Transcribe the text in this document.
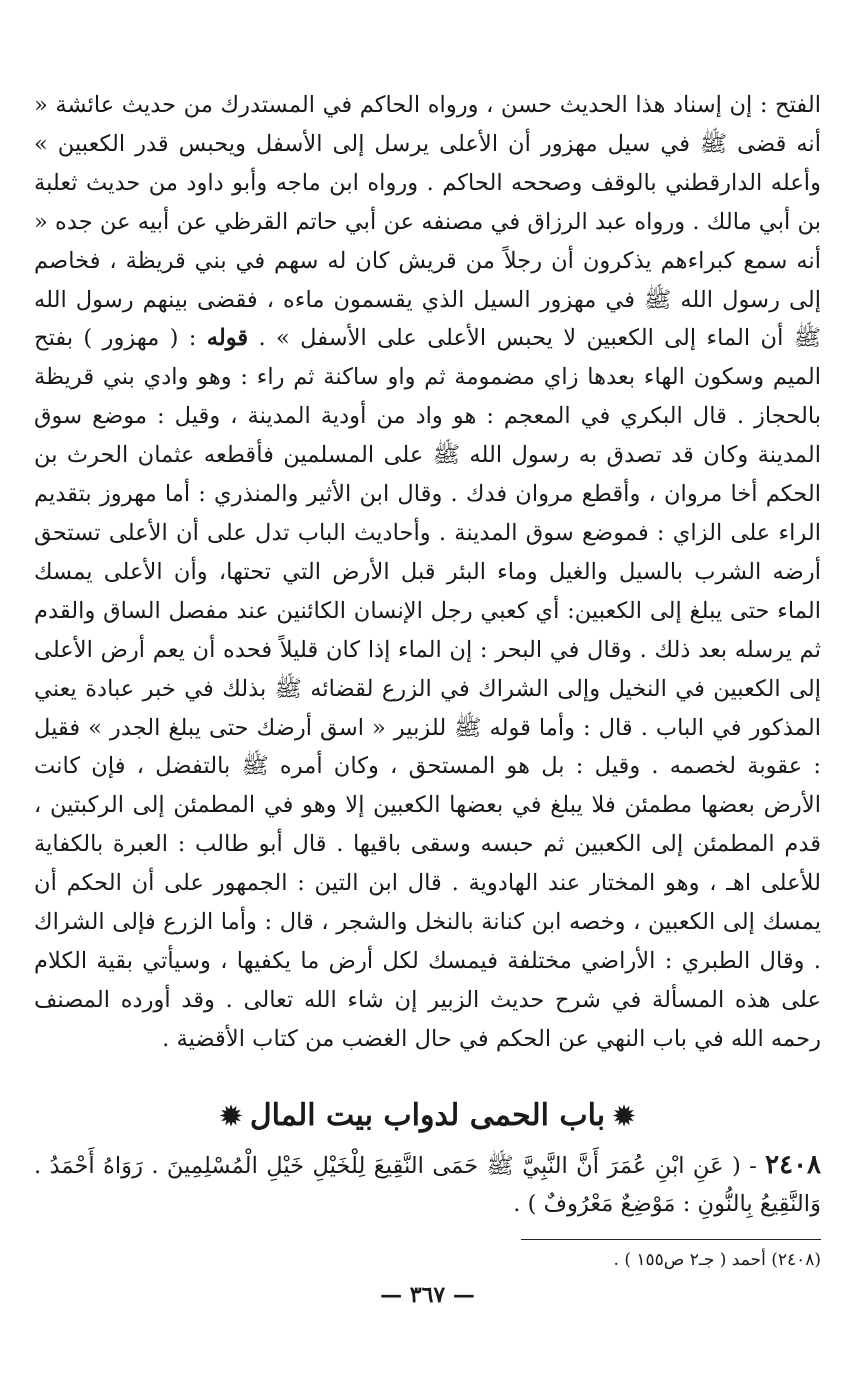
الفتح : إن إسناد هذا الحديث حسن ، ورواه الحاكم في المستدرك من حديث عائشة « أنه قضى ﷺ في سيل مهزور أن الأعلى يرسل إلى الأسفل ويحبس قدر الكعبين » وأعله الدارقطني بالوقف وصححه الحاكم . ورواه ابن ماجه وأبو داود من حديث ثعلبة بن أبي مالك . ورواه عبد الرزاق في مصنفه عن أبي حاتم القرظي عن أبيه عن جده « أنه سمع كبراءهم يذكرون أن رجلاً من قريش كان له سهم في بني قريظة ، فخاصم إلى رسول الله ﷺ في مهزور السيل الذي يقسمون ماءه ، فقضى بينهم رسول الله ﷺ أن الماء إلى الكعبين لا يحبس الأعلى على الأسفل » . قوله : ( مهزور ) بفتح الميم وسكون الهاء بعدها زاي مضمومة ثم واو ساكنة ثم راء : وهو وادي بني قريظة بالحجاز . قال البكري في المعجم : هو واد من أودية المدينة ، وقيل : موضع سوق المدينة وكان قد تصدق به رسول الله ﷺ على المسلمين فأقطعه عثمان الحرث بن الحكم أخا مروان ، وأقطع مروان فدك . وقال ابن الأثير والمنذري : أما مهروز بتقديم الراء على الزاي : فموضع سوق المدينة . وأحاديث الباب تدل على أن الأعلى تستحق أرضه الشرب بالسيل والغيل وماء البئر قبل الأرض التي تحتها، وأن الأعلى يمسك الماء حتى يبلغ إلى الكعبين: أي كعبي رجل الإنسان الكائنين عند مفصل الساق والقدم ثم يرسله بعد ذلك . وقال في البحر : إن الماء إذا كان قليلاً فحده أن يعم أرض الأعلى إلى الكعبين في النخيل وإلى الشراك في الزرع لقضائه ﷺ بذلك في خبر عبادة يعني المذكور في الباب . قال : وأما قوله ﷺ للزبير « اسق أرضك حتى يبلغ الجدر » فقيل : عقوبة لخصمه . وقيل : بل هو المستحق ، وكان أمره ﷺ بالتفضل ، فإن كانت الأرض بعضها مطمئن فلا يبلغ في بعضها الكعبين إلا وهو في المطمئن إلى الركبتين ، قدم المطمئن إلى الكعبين ثم حبسه وسقى باقيها . قال أبو طالب : العبرة بالكفاية للأعلى اهـ ، وهو المختار عند الهادوية . قال ابن التين : الجمهور على أن الحكم أن يمسك إلى الكعبين ، وخصه ابن كنانة بالنخل والشجر ، قال : وأما الزرع فإلى الشراك . وقال الطبري : الأراضي مختلفة فيمسك لكل أرض ما يكفيها ، وسيأتي بقية الكلام على هذه المسألة في شرح حديث الزبير إن شاء الله تعالى . وقد أورده المصنف رحمه الله في باب النهي عن الحكم في حال الغضب من كتاب الأقضية .

✹باب الحمى لدواب بيت المال✹

٢٤٠٨ - ( عَنِ ابْنِ عُمَرَ أَنَّ النَّبِيَّ ﷺ حَمَى النَّقِيعَ لِلْخَيْلِ خَيْلِ الْمُسْلِمِينَ . رَوَاهُ أَحْمَدُ . وَالنَّقِيعُ بِالنُّونِ : مَوْضِعٌ مَعْرُوفٌ ) .

(٢٤٠٨) أحمد ( جـ٢ ص١٥٥ ) .

— ٣٦٧ —
